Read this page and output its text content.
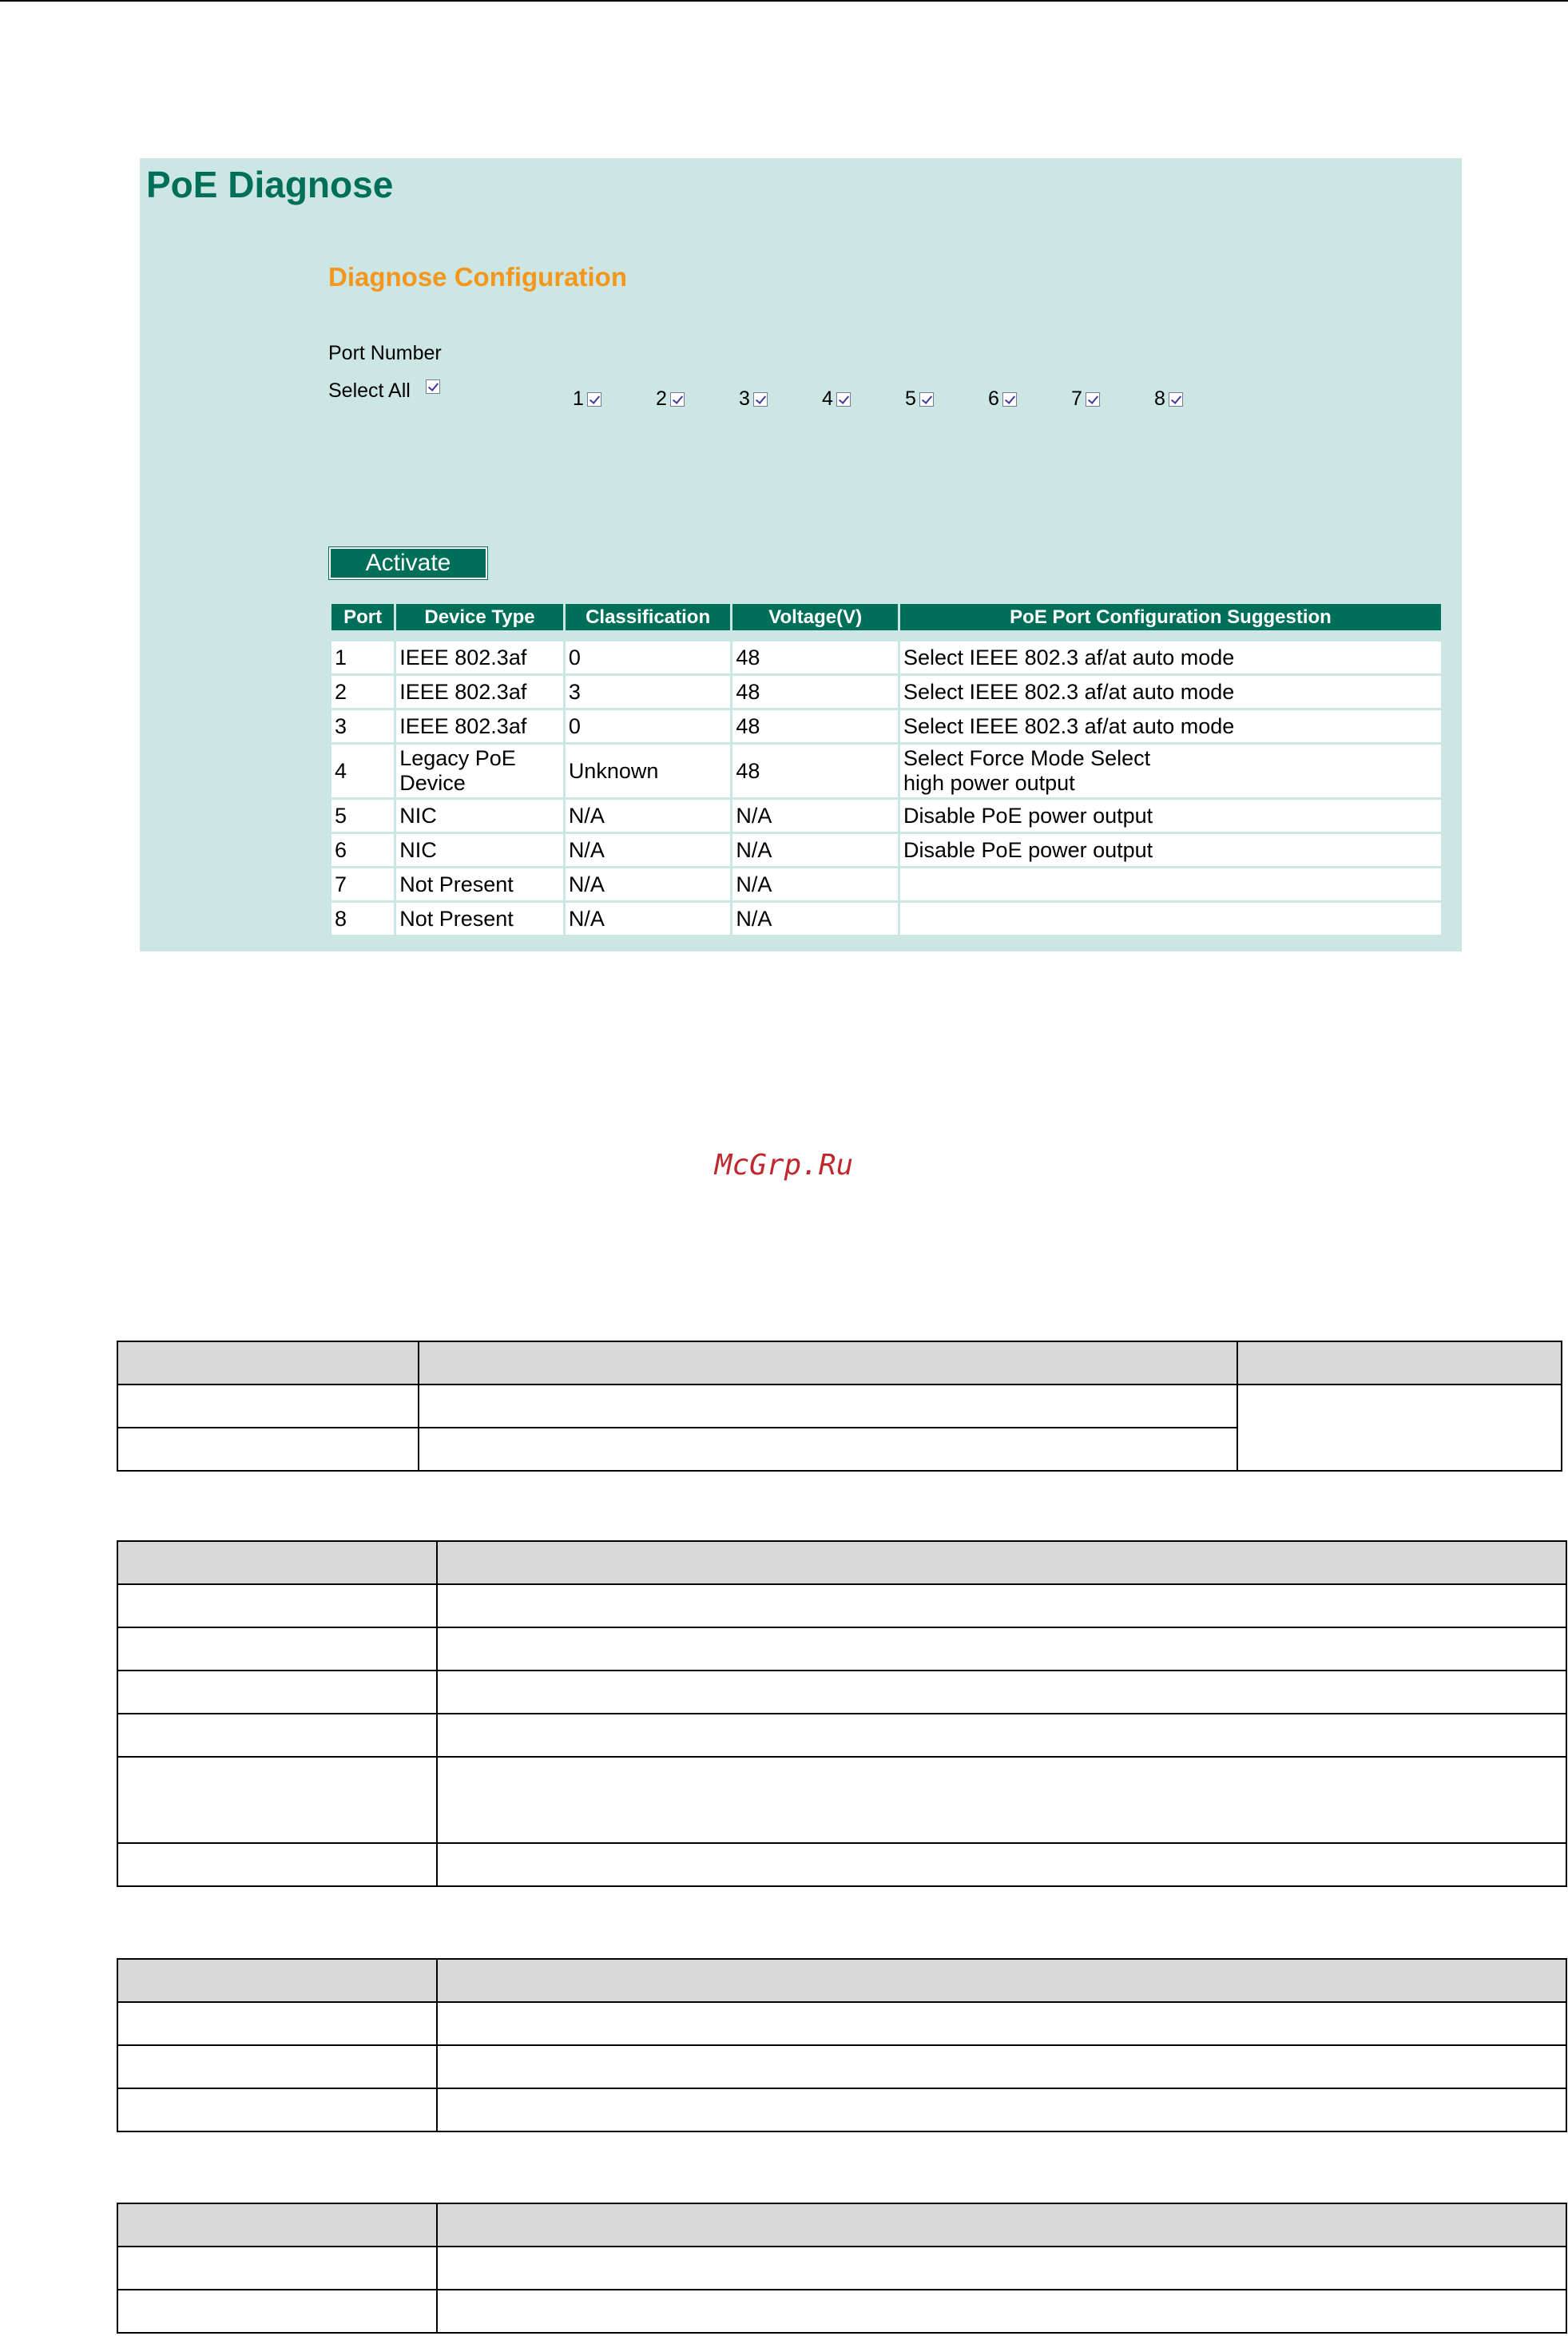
PoE Diagnose
Diagnose Configuration
Port Number
Select All	1	2	3	4	5	6	7	8
Activate
Port	Device Type	Classification	Voltage(V)	PoE Port Configuration Suggestion

1	IEEE 802.3af	0	48	Select IEEE 802.3 af/at auto mode
2	IEEE 802.3af	3	48	Select IEEE 802.3 af/at auto mode
3	IEEE 802.3af	0	48	Select IEEE 802.3 af/at auto mode
4	Legacy PoE Device	Unknown	48	Select Force Mode Select high power output
5	NIC	N/A	N/A	Disable PoE power output
6	NIC	N/A	N/A	Disable PoE power output
7	Not Present	N/A	N/A	
8	Not Present	N/A	N/A	
McGrp.Ru
